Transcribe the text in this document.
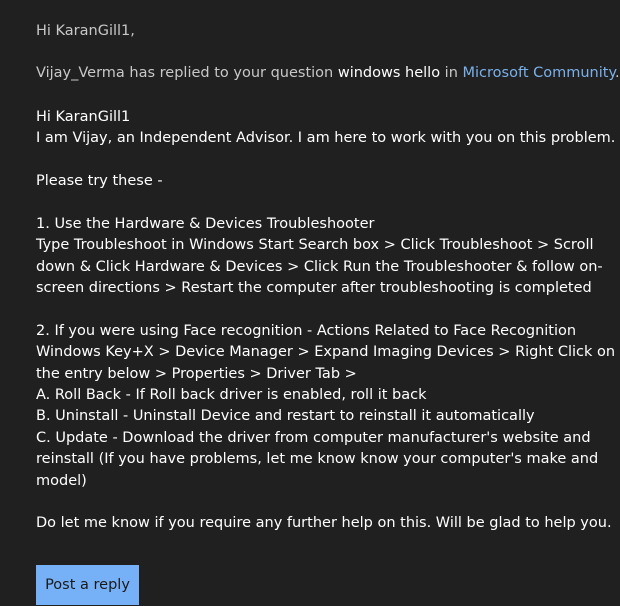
Hi KaranGill1,
Vijay_Verma has replied to your question windows hello in Microsoft Community.
Hi KaranGill1
I am Vijay, an Independent Advisor. I am here to work with you on this problem.
Please try these -
1. Use the Hardware & Devices Troubleshooter
Type Troubleshoot in Windows Start Search box > Click Troubleshoot > Scroll
down & Click Hardware & Devices > Click Run the Troubleshooter & follow on-
screen directions > Restart the computer after troubleshooting is completed
2. If you were using Face recognition - Actions Related to Face Recognition
Windows Key+X > Device Manager > Expand Imaging Devices > Right Click on
the entry below > Properties > Driver Tab >
A. Roll Back - If Roll back driver is enabled, roll it back
B. Uninstall - Uninstall Device and restart to reinstall it automatically
C. Update - Download the driver from computer manufacturer's website and
reinstall (If you have problems, let me know know your computer's make and
model)
Do let me know if you require any further help on this. Will be glad to help you.
Post a reply
